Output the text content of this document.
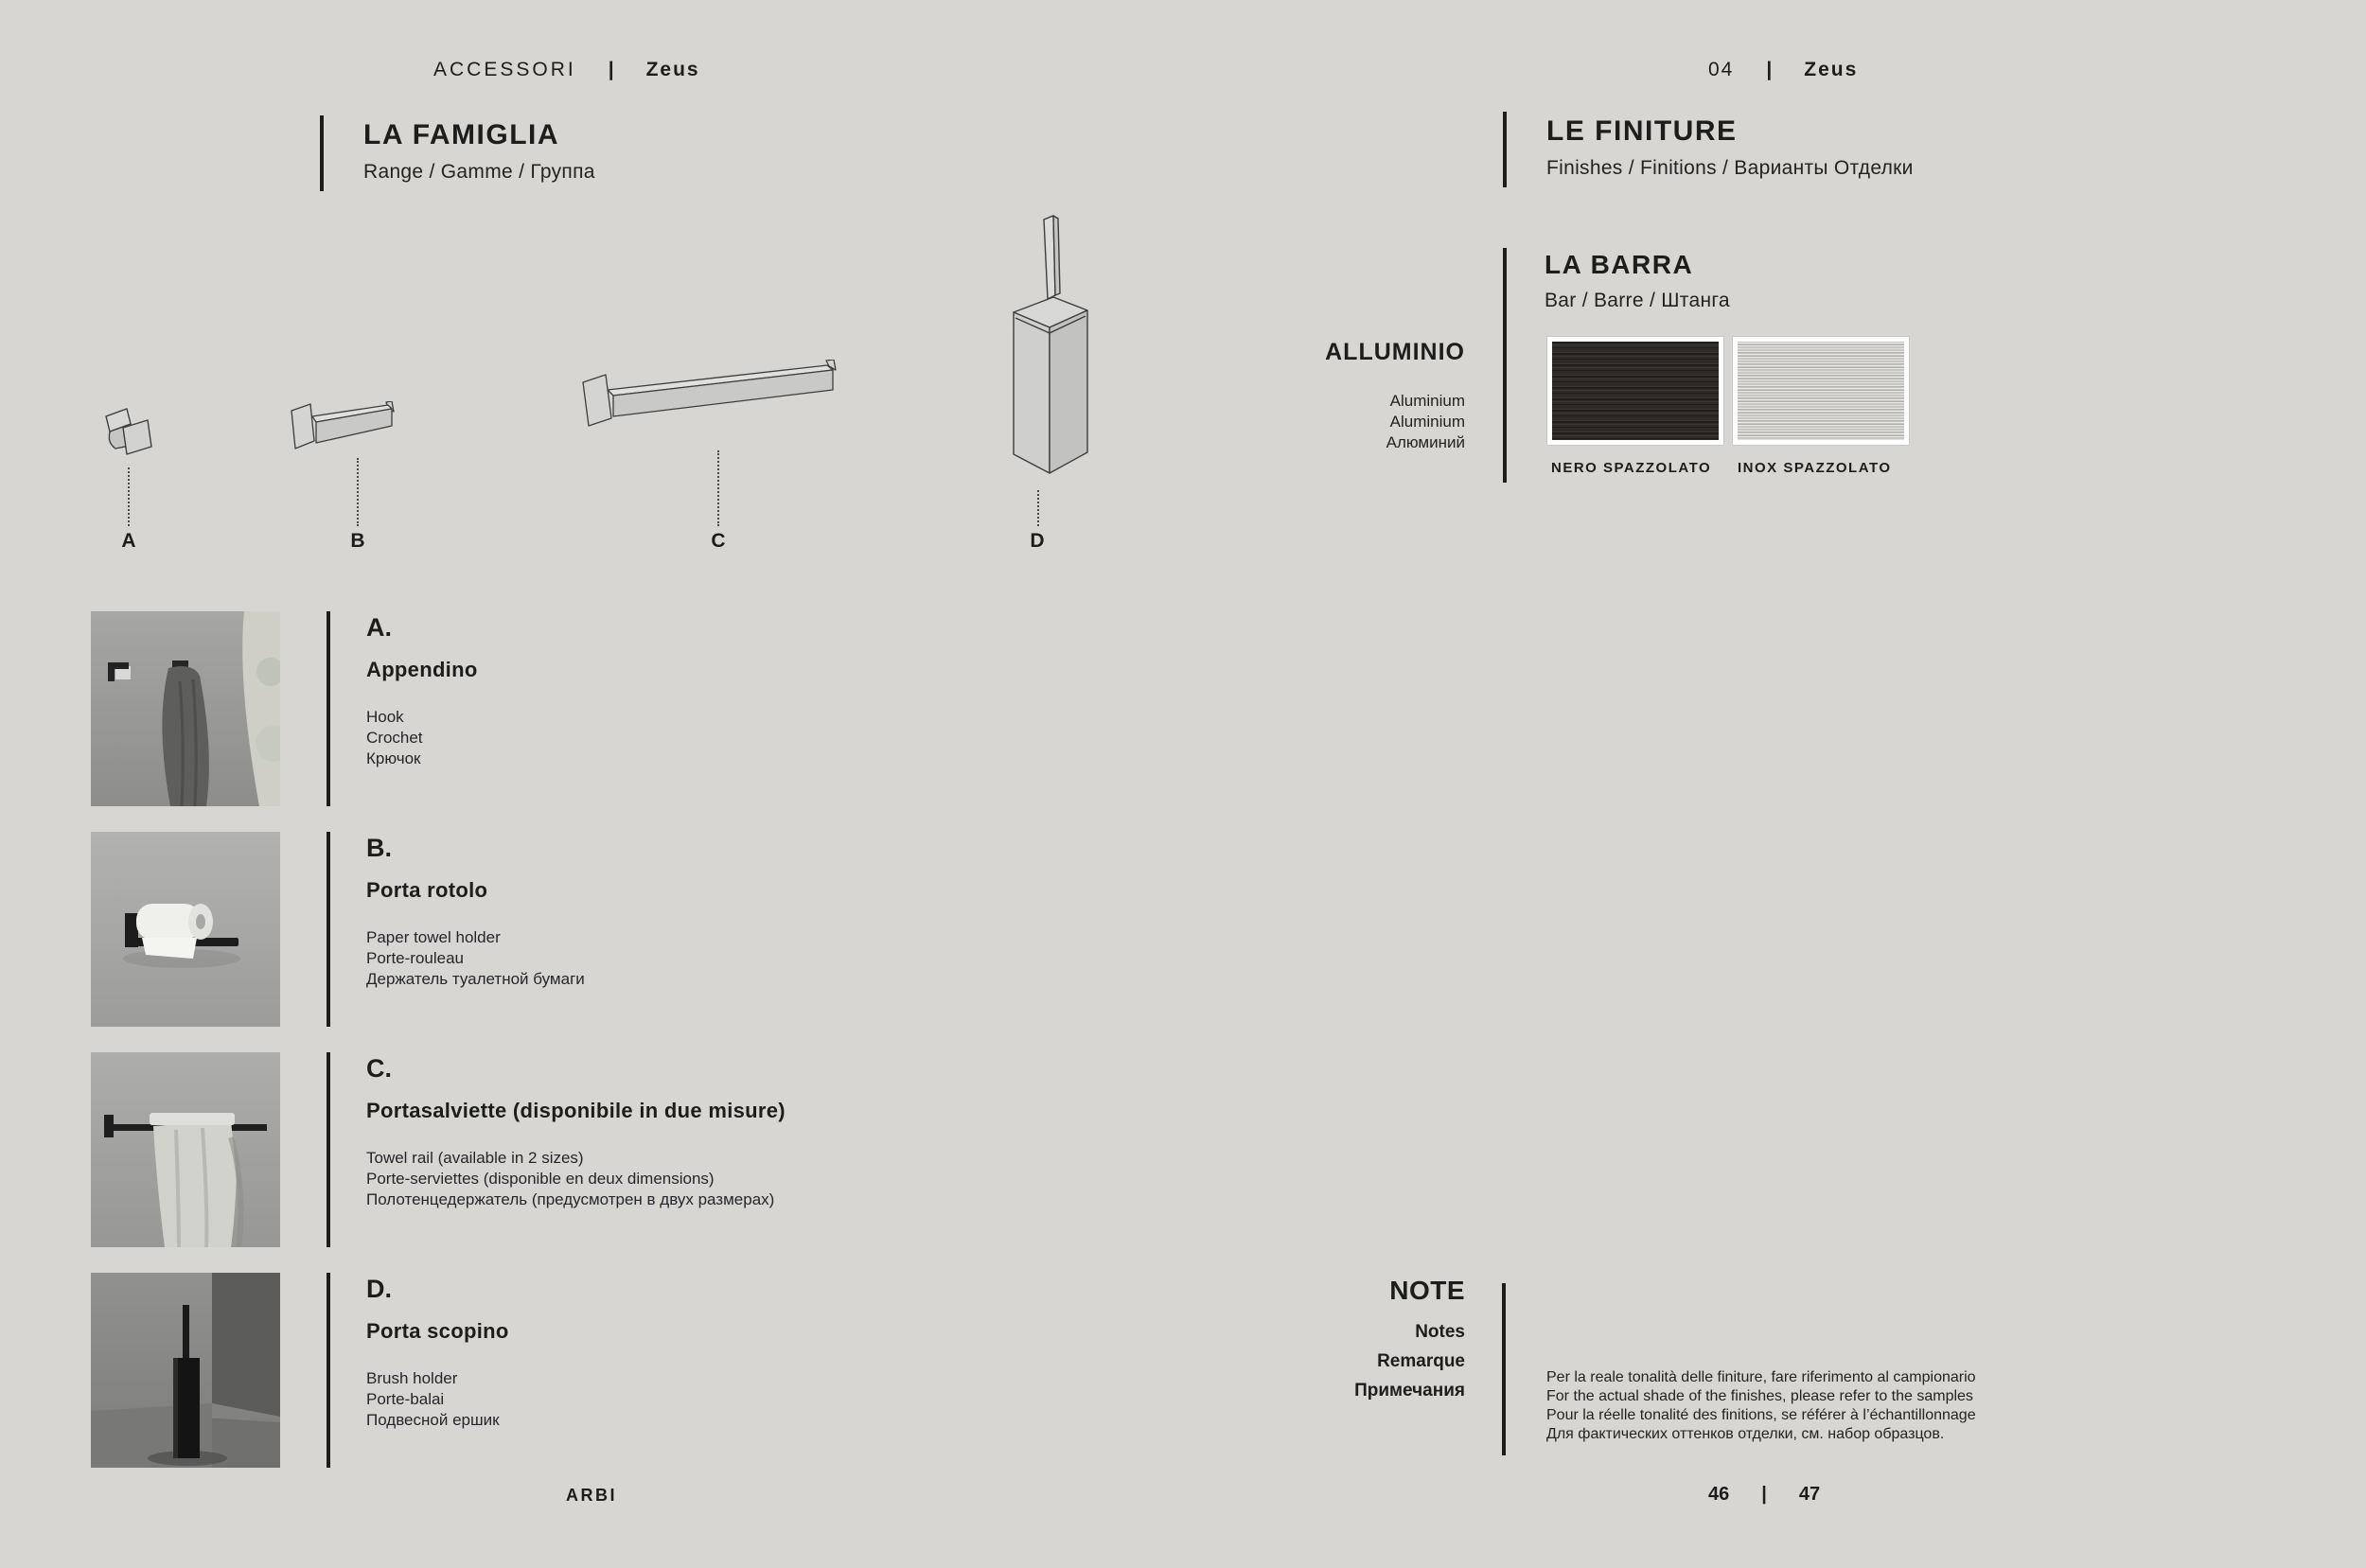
ACCESSORI | Zeus	04 | Zeus
LA FAMIGLIA
Range / Gamme / Группа
A	B	C	D
LE FINITURE
Finishes / Finitions / Варианты Отделки
LA BARRA
Bar / Barre / Штанга
ALLUMINIO
Aluminium
Aluminium
Алюминий
NERO SPAZZOLATO INOX SPAZZOLATO
A.
Appendino
Hook
Crochet
Крючок
B.
Porta rotolo
Paper towel holder
Porte-rouleau
Держатель туалетной бумаги
C.
Portasalviette (disponibile in due misure)
Towel rail (available in 2 sizes)
Porte-serviettes (disponible en deux dimensions)
Полотенцедержатель (предусмотрен в двух размерах)
D.
Porta scopino
Brush holder
Porte-balai
Подвесной ершик
NOTE
Notes
Remarque
Примечания
Per la reale tonalità delle finiture, fare riferimento al campionario
For the actual shade of the finishes, please refer to the samples
Pour la réelle tonalité des finitions, se référer à l’échantillonnage
Для фактических оттенков отделки, см. набор образцов.
ARBI	46 | 47
